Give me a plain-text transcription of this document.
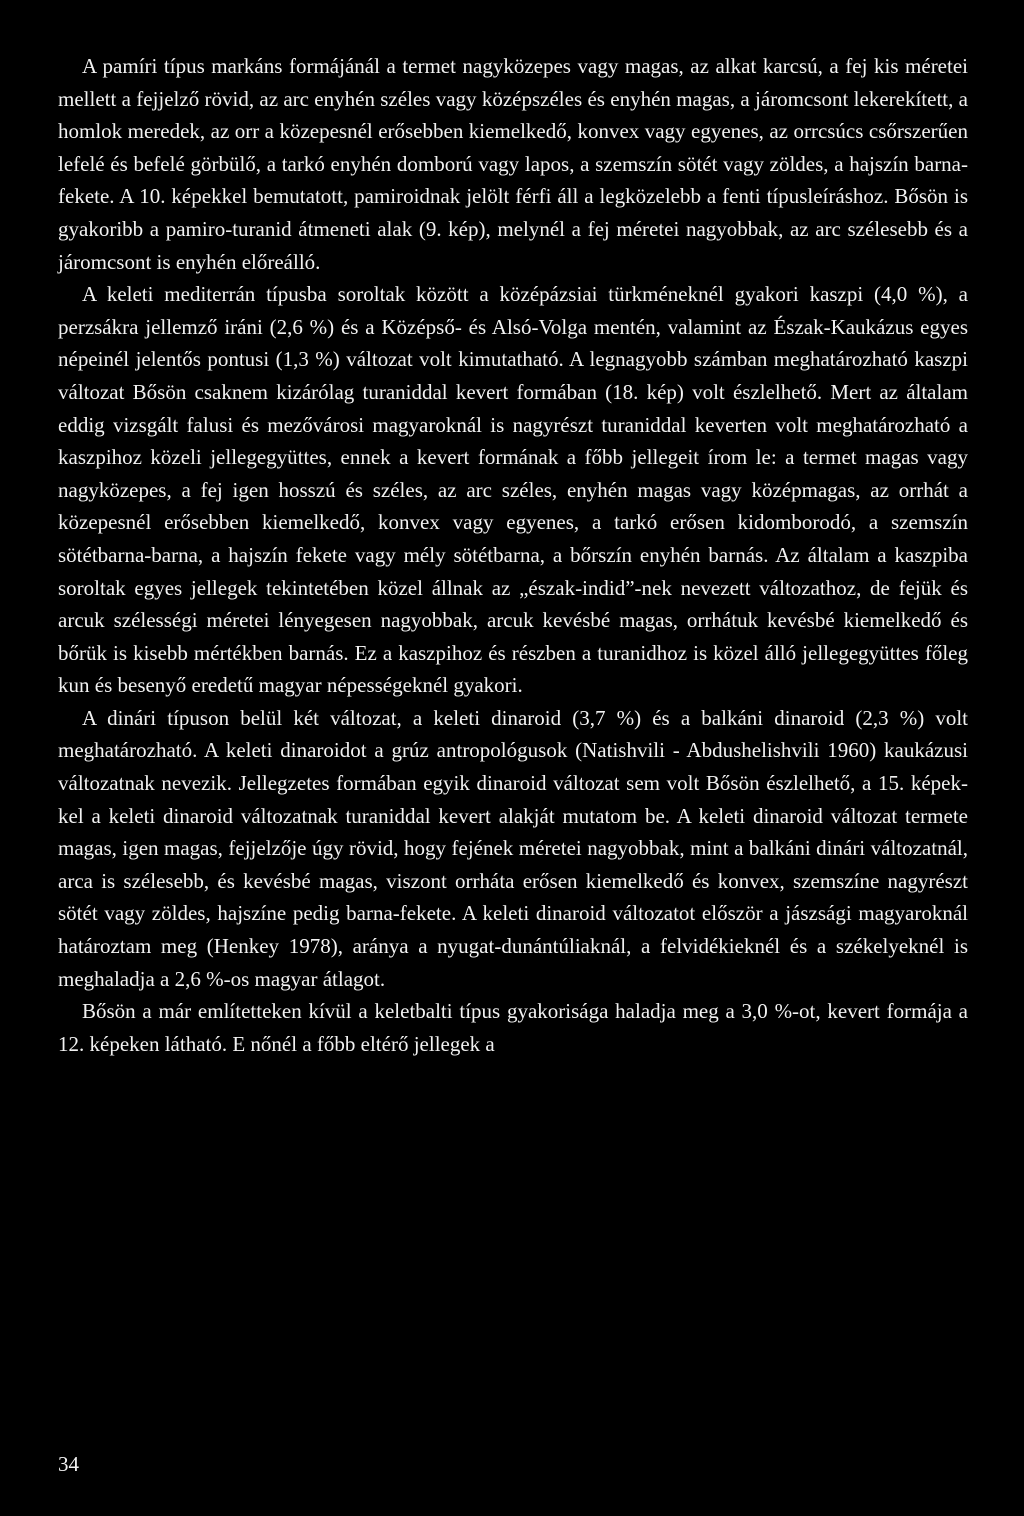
A pamíri típus markáns formájánál a termet nagyközepes vagy magas, az alkat karcsú, a fej kis méretei mellett a fejjelző rövid, az arc enyhén széles vagy középszéles és enyhén magas, a járomcsont lekerekített, a homlok meredek, az orr a közepesnél erősebben kiemelkedő, konvex vagy egyenes, az orrcsúcs csőrszerűen lefelé és befelé görbülő, a tarkó enyhén domború vagy lapos, a szemszín sötét vagy zöldes, a hajszín barna-fekete. A 10. képekkel bemutatott, pamiroidnak jelölt férfi áll a legközelebb a fenti típusleíráshoz. Bősön is gyakoribb a pamiro-turanid átmeneti alak (9. kép), melynél a fej méretei nagyobbak, az arc szélesebb és a járomcsont is enyhén előreálló.

A keleti mediterrán típusba soroltak között a középázsiai türkméneknél gyakori kaszpi (4,0 %), a perzsákra jellemző iráni (2,6 %) és a Középső- és Alsó-Volga mentén, valamint az Észak-Kaukázus egyes népeinél jelentős pontusi (1,3 %) változat volt kimutatható. A legnagyobb számban meghatározható kaszpi változat Bősön csaknem kizárólag turaniddal kevert formában (18. kép) volt észlelhető. Mert az általam eddig vizsgált falusi és mezővárosi magyaroknál is nagyrészt turaniddal keverten volt meghatározható a kaszpihoz közeli jellegegyüttes, ennek a kevert formának a főbb jellegeit írom le: a termet magas vagy nagyközepes, a fej igen hosszú és széles, az arc széles, enyhén magas vagy középmagas, az orrhát a közepesnél erősebben kiemelkedő, konvex vagy egyenes, a tarkó erősen kidomborodó, a szemszín sötétbarna-barna, a hajszín fekete vagy mély sötétbarna, a bőrszín enyhén barnás. Az általam a kaszpiba soroltak egyes jellegek tekintetében közel állnak az „észak-indid”-nek nevezett változathoz, de fejük és arcuk szélességi méretei lényegesen nagyobbak, arcuk kevésbé magas, orrhátuk kevésbé kiemelkedő és bőrük is kisebb mértékben barnás. Ez a kaszpihoz és részben a turanidhoz is közel álló jellegegyüttes főleg kun és besenyő eredetű magyar népességeknél gyakori.

A dinári típuson belül két változat, a keleti dinaroid (3,7 %) és a balkáni dinaroid (2,3 %) volt meghatározható. A keleti dinaroidot a grúz antropológusok (Natishvili - Abdushelishvili 1960) kaukázusi változatnak nevezik. Jellegzetes formában egyik dinaroid változat sem volt Bősön észlelhető, a 15. képekkel a keleti dinaroid változatnak turaniddal kevert alakját mutatom be. A keleti dinaroid változat termete magas, igen magas, fejjelzője úgy rövid, hogy fejének méretei nagyobbak, mint a balkáni dinári változatnál, arca is szélesebb, és kevésbé magas, viszont orrháta erősen kiemelkedő és konvex, szemszíne nagyrészt sötét vagy zöldes, hajszíne pedig barna-fekete. A keleti dinaroid változatot először a jászsági magyaroknál határoztam meg (Henkey 1978), aránya a nyugat-dunántúliaknál, a felvidékieknél és a székelyeknél is meghaladja a 2,6 %-os magyar átlagot.

Bősön a már említetteken kívül a keletbalti típus gyakorisága haladja meg a 3,0 %-ot, kevert formája a 12. képeken látható. E nőnél a főbb eltérő jellegek a

34
